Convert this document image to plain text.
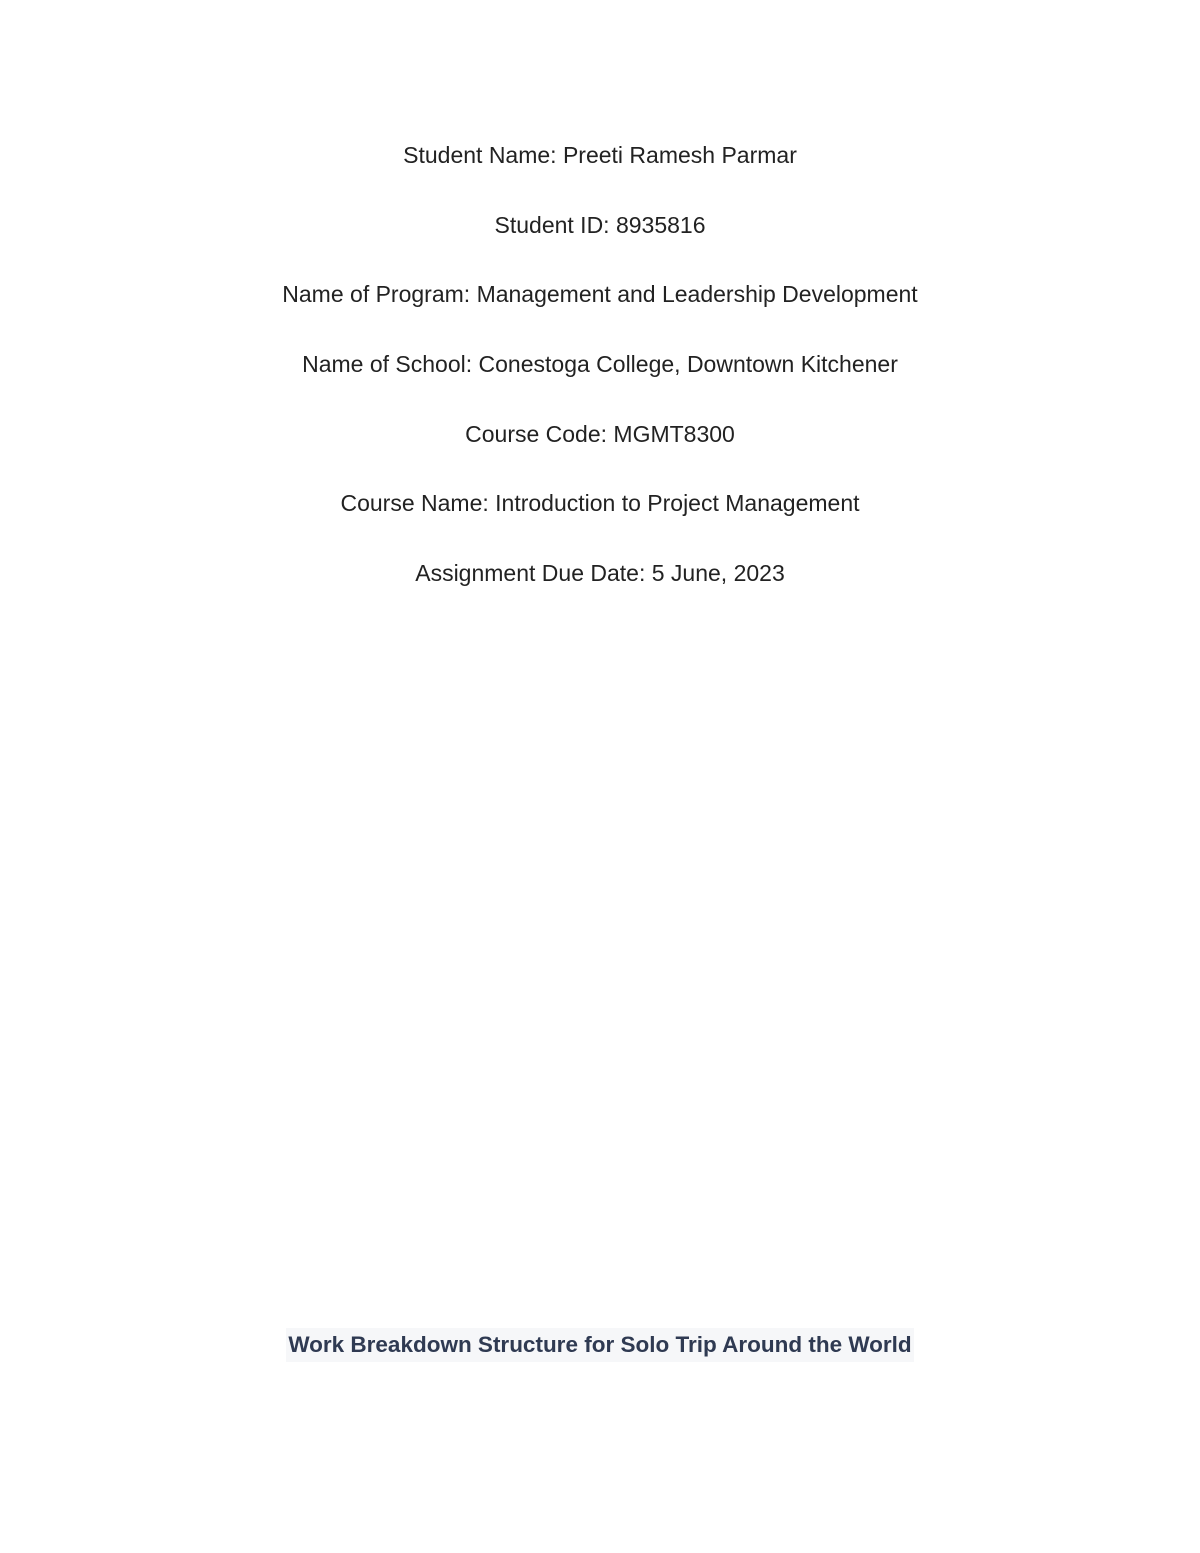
Student Name: Preeti Ramesh Parmar

Student ID: 8935816

Name of Program: Management and Leadership Development

Name of School: Conestoga College, Downtown Kitchener

Course Code: MGMT8300

Course Name: Introduction to Project Management

Assignment Due Date: 5 June, 2023

Work Breakdown Structure for Solo Trip Around the World
